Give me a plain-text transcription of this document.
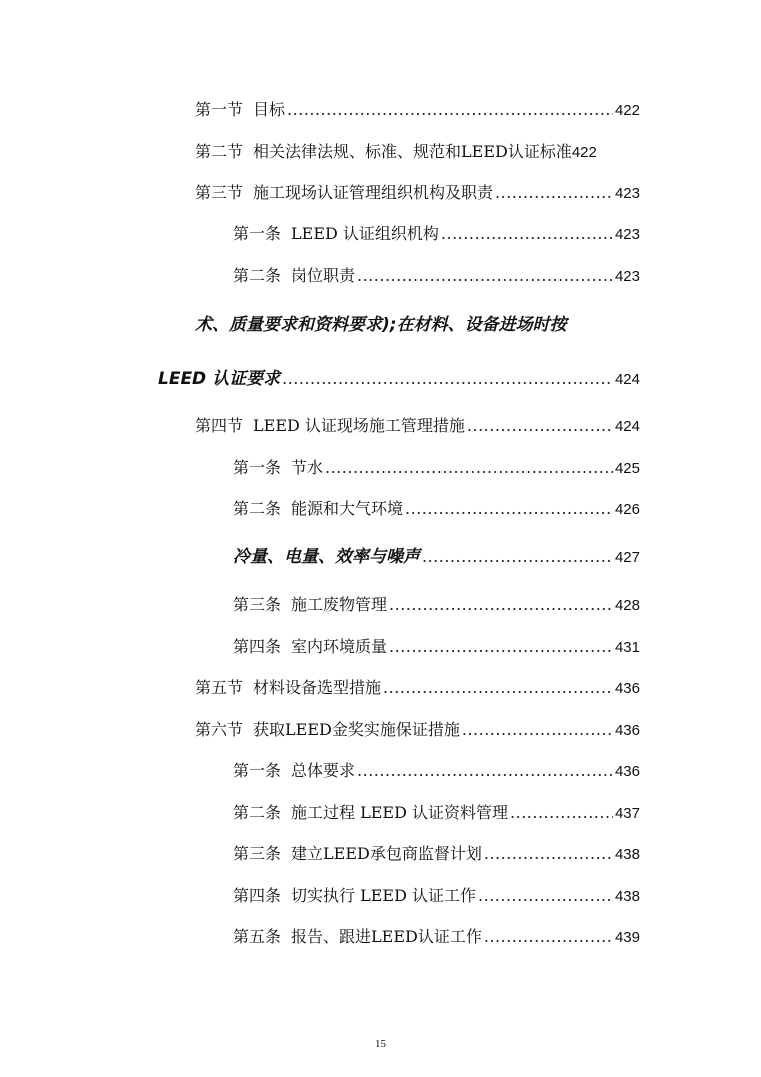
第一节 目标 .....	422
第二节 相关法律法规、标准、规范和LEED认证标准 422
第三节 施工现场认证管理组织机构及职责 .....	423
第一条 LEED 认证组织机构 .....	423
第二条 岗位职责 .....	423
术、质量要求和资料要求);在材料、设备进场时按
LEED 认证要求 .....	424
第四节 LEED 认证现场施工管理措施 .....	424
第一条 节水 .....	425
第二条 能源和大气环境 .....	426
冷量、电量、效率与噪声 .....	427
第三条 施工废物管理 .....	428
第四条 室内环境质量 .....	431
第五节 材料设备选型措施 .....	436
第六节 获取LEED金奖实施保证措施 .....	436
第一条 总体要求 .....	436
第二条 施工过程 LEED 认证资料管理 .....	437
第三条 建立LEED承包商监督计划 .....	438
第四条 切实执行 LEED 认证工作 .....	438
第五条 报告、跟进LEED认证工作 .....	439
15
